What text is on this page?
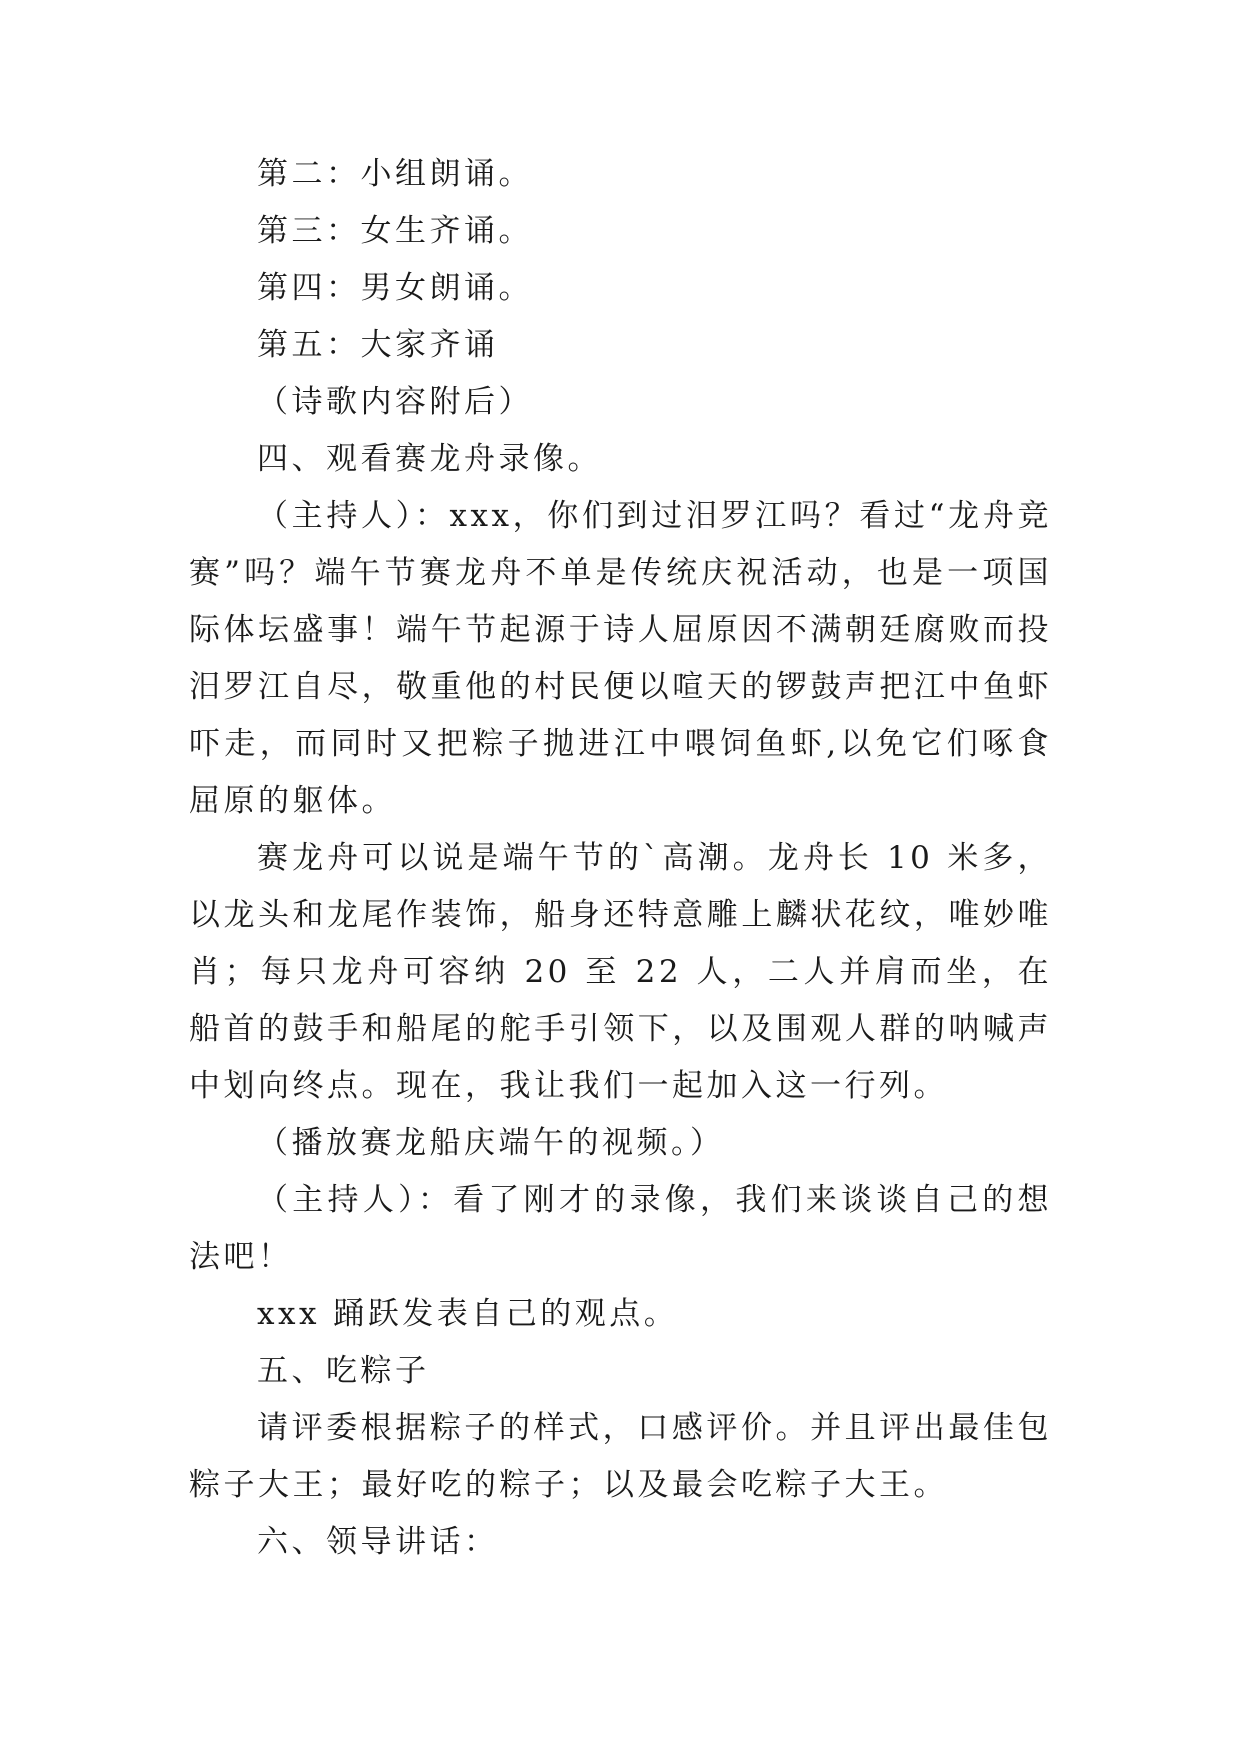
第二：小组朗诵。

第三：女生齐诵。

第四：男女朗诵。

第五：大家齐诵

（诗歌内容附后）

四、观看赛龙舟录像。

（主持人）：xxx，你们到过汨罗江吗？看过“龙舟竞赛”吗？端午节赛龙舟不单是传统庆祝活动，也是一项国际体坛盛事！端午节起源于诗人屈原因不满朝廷腐败而投汨罗江自尽，敬重他的村民便以喧天的锣鼓声把江中鱼虾吓走，而同时又把粽子抛进江中喂饲鱼虾,以免它们啄食屈原的躯体。

赛龙舟可以说是端午节的`高潮。龙舟长 10 米多，以龙头和龙尾作装饰，船身还特意雕上麟状花纹，唯妙唯肖；每只龙舟可容纳 20 至 22 人，二人并肩而坐，在船首的鼓手和船尾的舵手引领下，以及围观人群的呐喊声中划向终点。现在，我让我们一起加入这一行列。

（播放赛龙船庆端午的视频。）

（主持人）：看了刚才的录像，我们来谈谈自己的想法吧！

xxx 踊跃发表自己的观点。

五、吃粽子

请评委根据粽子的样式，口感评价。并且评出最佳包粽子大王；最好吃的粽子；以及最会吃粽子大王。

六、领导讲话：
